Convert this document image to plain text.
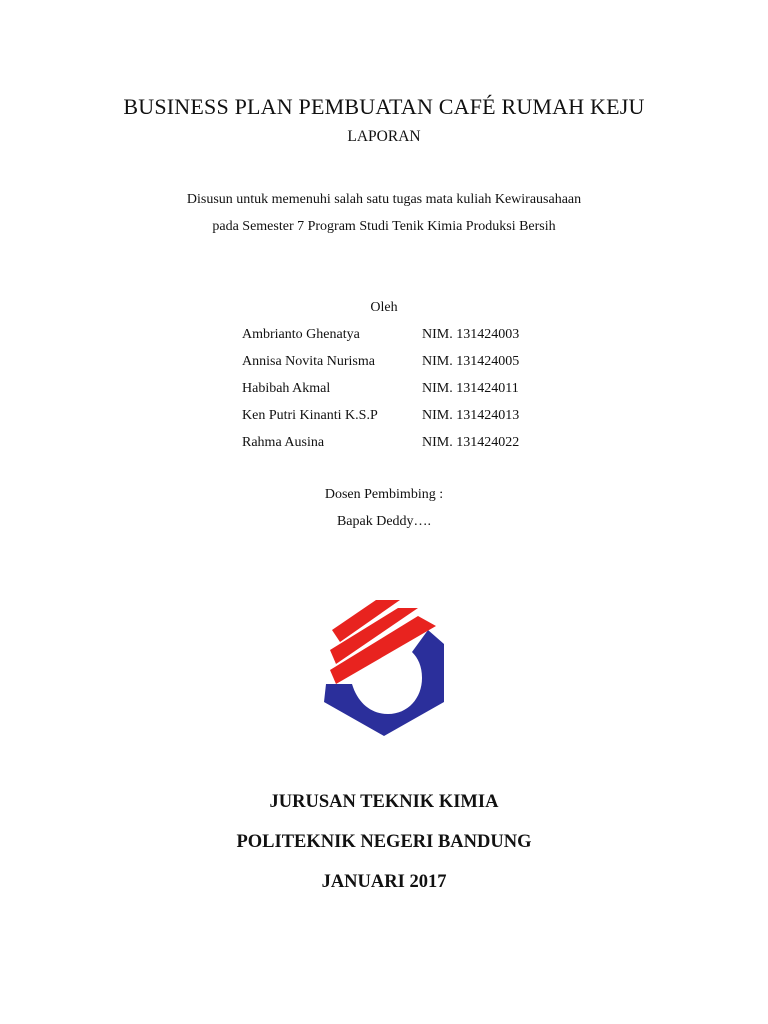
BUSINESS PLAN PEMBUATAN CAFÉ RUMAH KEJU
LAPORAN
Disusun untuk memenuhi salah satu tugas mata kuliah Kewirausahaan
pada Semester 7 Program Studi Tenik Kimia Produksi Bersih
Oleh
Ambrianto Ghenatya	NIM. 131424003
Annisa Novita Nurisma	NIM. 131424005
Habibah Akmal	NIM. 131424011
Ken Putri Kinanti K.S.P	NIM. 131424013
Rahma Ausina	NIM. 131424022
Dosen Pembimbing :
Bapak Deddy….
JURUSAN TEKNIK KIMIA
POLITEKNIK NEGERI BANDUNG
JANUARI 2017
